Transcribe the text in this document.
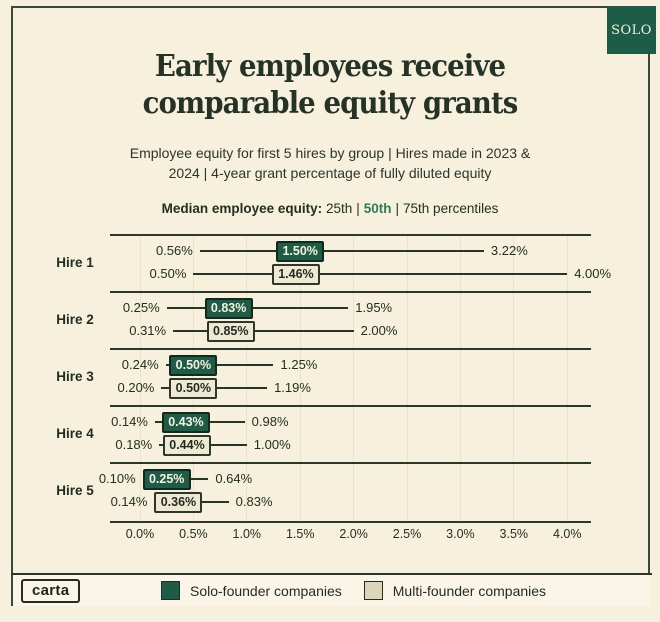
SOLO
Early employees receive
comparable equity grants
Employee equity for first 5 hires by group | Hires made in 2023 &
2024 | 4-year grant percentage of fully diluted equity
Median employee equity: 25th | 50th | 75th percentiles
0.0%	0.5%	1.0%	1.5%	2.0%	2.5%	3.0%	3.5%	4.0%
Hire 1
1.50%
0.56%	3.22%
1.46%
0.50%	4.00%
Hire 2
0.83%
0.25%	1.95%
0.85%
0.31%	2.00%
Hire 3
0.50%
0.24%	1.25%
0.50%
0.20%	1.19%
Hire 4
0.43%
0.14%	0.98%
0.44%
0.18%	1.00%
Hire 5
0.25%
0.10%	0.64%
0.36%
0.14%	0.83%
carta	Solo-founder companies	Multi-founder companies
